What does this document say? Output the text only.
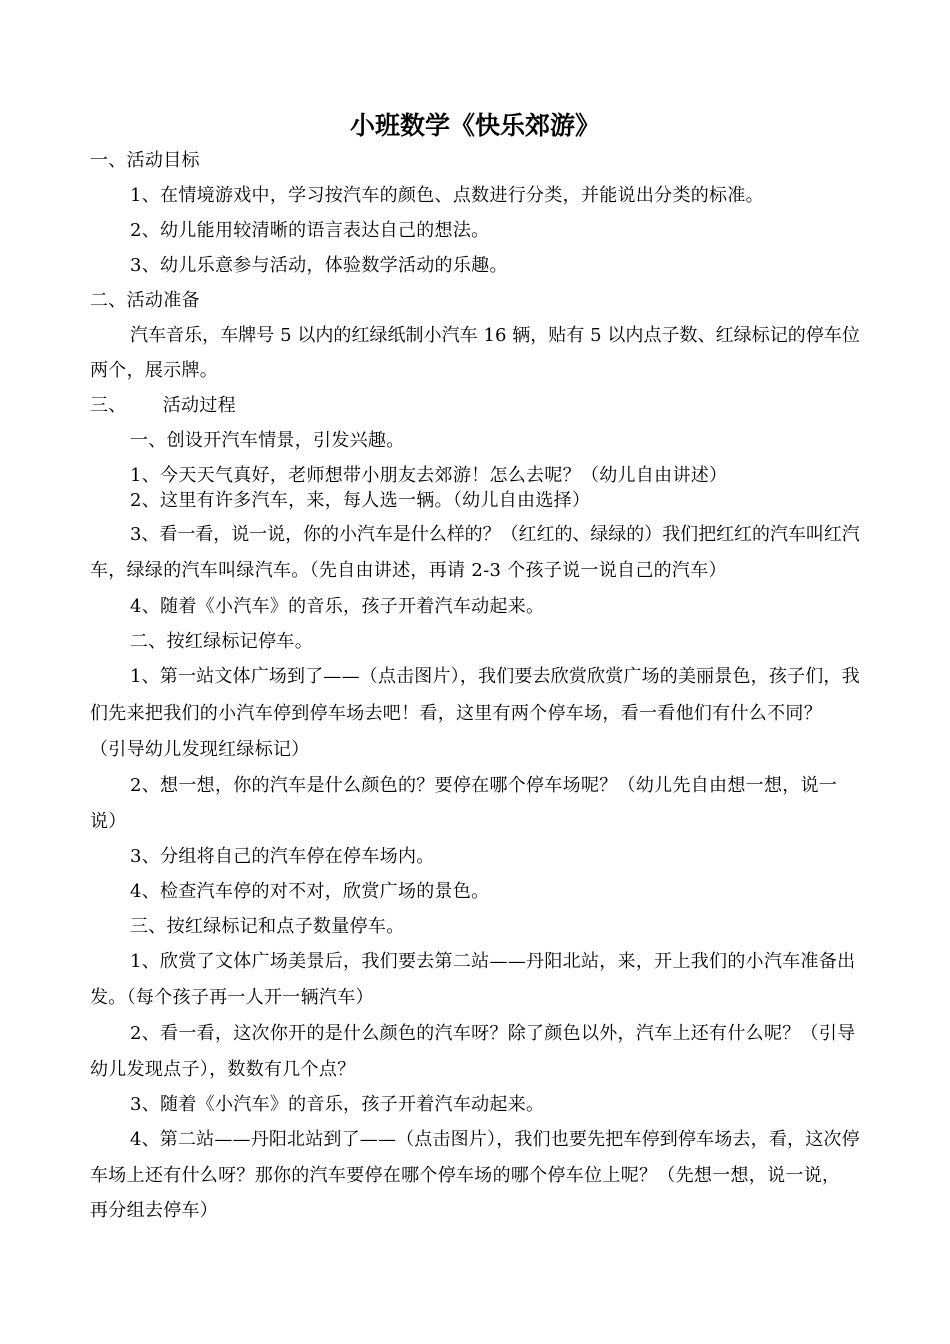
小班数学《快乐郊游》
一、活动目标
1、在情境游戏中，学习按汽车的颜色、点数进行分类，并能说出分类的标准。
2、幼儿能用较清晰的语言表达自己的想法。
3、幼儿乐意参与活动，体验数学活动的乐趣。
二、活动准备
汽车音乐，车牌号 5 以内的红绿纸制小汽车 16 辆，贴有 5 以内点子数、红绿标记的停车位
两个，展示牌。
三、      活动过程
一、创设开汽车情景，引发兴趣。
1、今天天气真好，老师想带小朋友去郊游！怎么去呢？（幼儿自由讲述）
2、这里有许多汽车，来，每人选一辆。（幼儿自由选择）
3、看一看，说一说，你的小汽车是什么样的？（红红的、绿绿的）我们把红红的汽车叫红汽
车，绿绿的汽车叫绿汽车。（先自由讲述，再请 2-3 个孩子说一说自己的汽车）
4、随着《小汽车》的音乐，孩子开着汽车动起来。
二、按红绿标记停车。
1、第一站文体广场到了——（点击图片），我们要去欣赏欣赏广场的美丽景色，孩子们，我
们先来把我们的小汽车停到停车场去吧！看，这里有两个停车场，看一看他们有什么不同？
（引导幼儿发现红绿标记）
2、想一想，你的汽车是什么颜色的？要停在哪个停车场呢？（幼儿先自由想一想，说一
说）
3、分组将自己的汽车停在停车场内。
4、检查汽车停的对不对，欣赏广场的景色。
三、按红绿标记和点子数量停车。
1、欣赏了文体广场美景后，我们要去第二站——丹阳北站，来，开上我们的小汽车准备出
发。（每个孩子再一人开一辆汽车）
2、看一看，这次你开的是什么颜色的汽车呀？除了颜色以外，汽车上还有什么呢？（引导
幼儿发现点子），数数有几个点？
3、随着《小汽车》的音乐，孩子开着汽车动起来。
4、第二站——丹阳北站到了——（点击图片），我们也要先把车停到停车场去，看，这次停
车场上还有什么呀？那你的汽车要停在哪个停车场的哪个停车位上呢？（先想一想，说一说，
再分组去停车）
